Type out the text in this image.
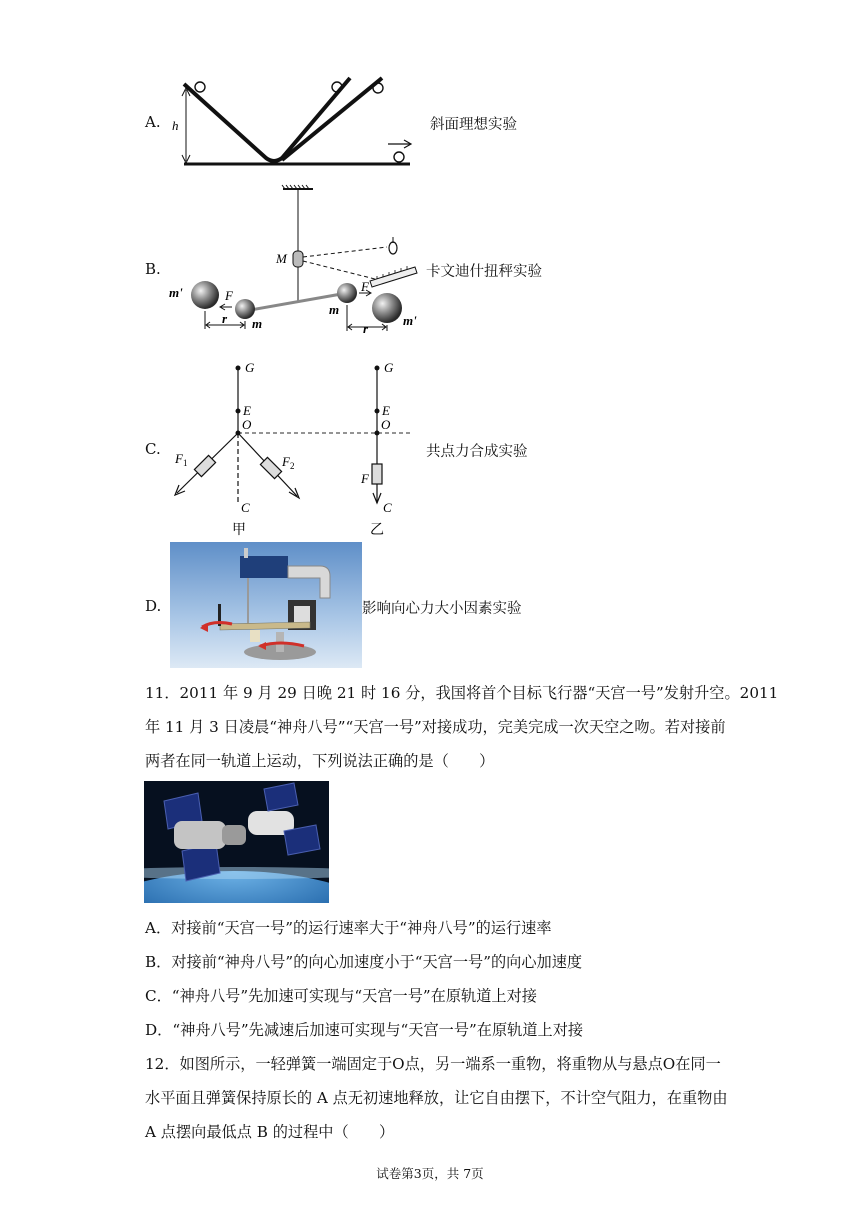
A. h	斜面理想实验
B.
M
m'	F
m
r
m
F
r
m'
卡文迪什扭秤实验
C.
G
E
O
$F_1$	$F_2$
C
甲
G
E
O
F
C
乙
共点力合成实验
D.	影响向心力大小因素实验
11．2011 年 9 月 29 日晚 21 时 16 分，我国将首个目标飞行器“天宫一号”发射升空。2011
年 11 月 3 日凌晨“神舟八号”“天宫一号”对接成功，完美完成一次天空之吻。若对接前
两者在同一轨道上运动，下列说法正确的是（　　）
A．对接前“天宫一号”的运行速率大于“神舟八号”的运行速率
B．对接前“神舟八号”的向心加速度小于“天宫一号”的向心加速度
C．“神舟八号”先加速可实现与“天宫一号”在原轨道上对接
D．“神舟八号”先减速后加速可实现与“天宫一号”在原轨道上对接
12．如图所示，一轻弹簧一端固定于O点，另一端系一重物，将重物从与悬点O在同一
水平面且弹簧保持原长的 A 点无初速地释放，让它自由摆下，不计空气阻力，在重物由
A 点摆向最低点 B 的过程中（　　）
试卷第3页，共 7页
